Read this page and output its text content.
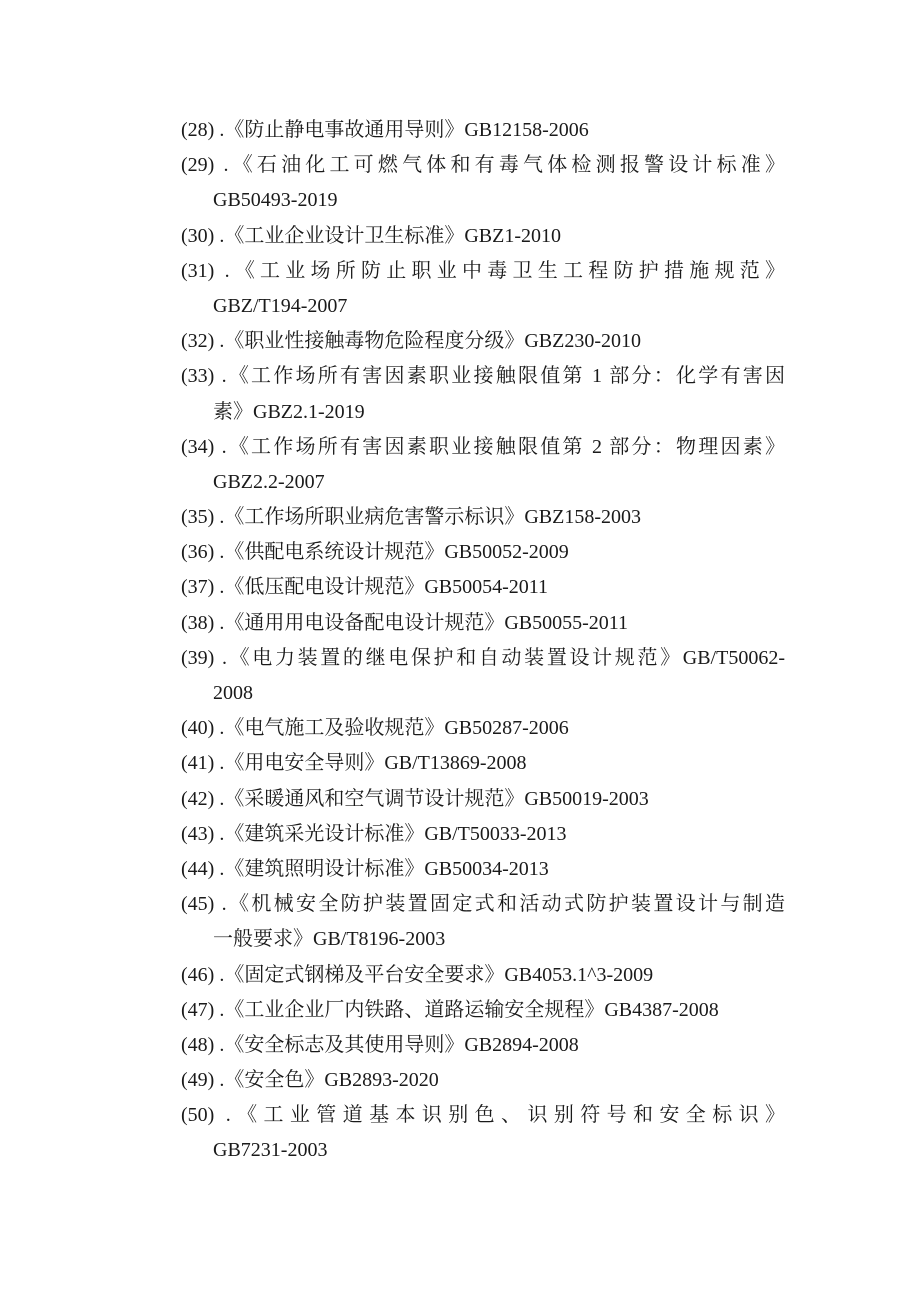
(28) .《防止静电事故通用导则》GB12158-2006
(29) .《石油化工可燃气体和有毒气体检测报警设计标准》
GB50493-2019
(30) .《工业企业设计卫生标准》GBZ1-2010
(31) .《工业场所防止职业中毒卫生工程防护措施规范》
GBZ/T194-2007
(32) .《职业性接触毒物危险程度分级》GBZ230-2010
(33) .《工作场所有害因素职业接触限值第 1 部分：化学有害因
素》GBZ2.1-2019
(34) .《工作场所有害因素职业接触限值第 2 部分：物理因素》
GBZ2.2-2007
(35) .《工作场所职业病危害警示标识》GBZ158-2003
(36) .《供配电系统设计规范》GB50052-2009
(37) .《低压配电设计规范》GB50054-2011
(38) .《通用用电设备配电设计规范》GB50055-2011
(39) .《电力装置的继电保护和自动装置设计规范》GB/T50062-
2008
(40) .《电气施工及验收规范》GB50287-2006
(41) .《用电安全导则》GB/T13869-2008
(42) .《采暖通风和空气调节设计规范》GB50019-2003
(43) .《建筑采光设计标准》GB/T50033-2013
(44) .《建筑照明设计标准》GB50034-2013
(45) .《机械安全防护装置固定式和活动式防护装置设计与制造
一般要求》GB/T8196-2003
(46) .《固定式钢梯及平台安全要求》GB4053.1^3-2009
(47) .《工业企业厂内铁路、道路运输安全规程》GB4387-2008
(48) .《安全标志及其使用导则》GB2894-2008
(49) .《安全色》GB2893-2020
(50) .《工业管道基本识别色、识别符号和安全标识》
GB7231-2003
